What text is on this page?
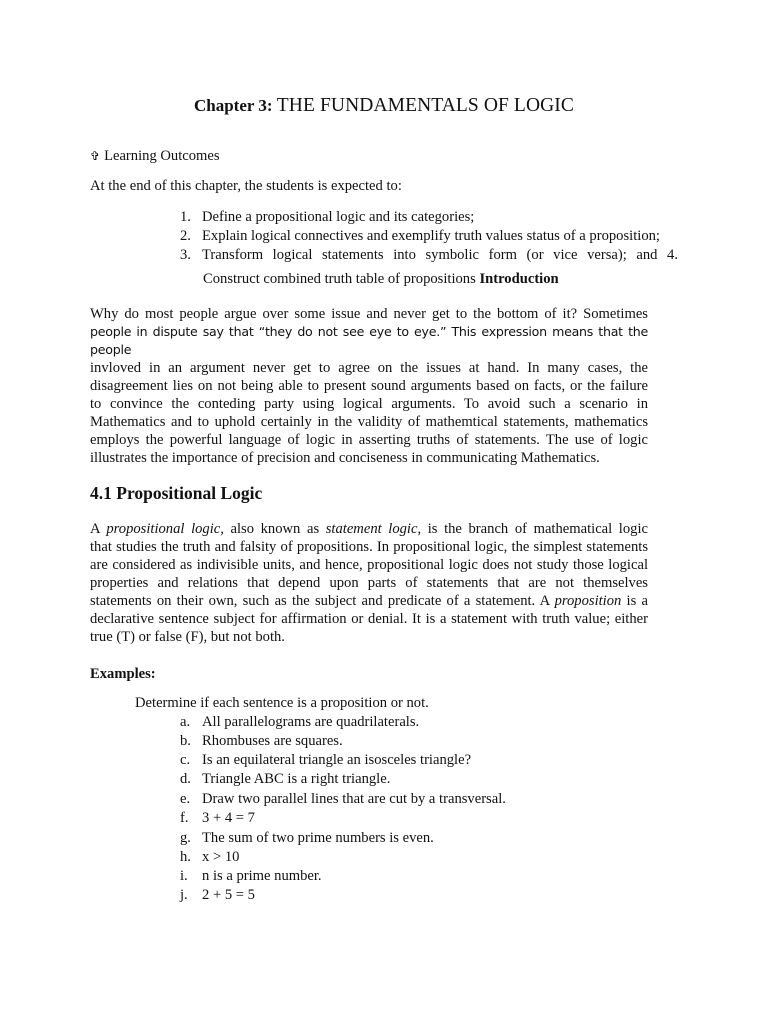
Chapter 3: THE FUNDAMENTALS OF LOGIC
✞ Learning Outcomes
At the end of this chapter, the students is expected to:
1. Define a propositional logic and its categories;
2. Explain logical connectives and exemplify truth values status of a proposition;
3. Transform logical statements into symbolic form (or vice versa); and 4.
Construct combined truth table of propositions Introduction

Why do most people argue over some issue and never get to the bottom of it? Sometimes

people in dispute say that “they do not see eye to eye.” This expression means that the people

invloved in an argument never get to agree on the issues at hand. In many cases, the

disagreement lies on not being able to present sound arguments based on facts, or the failure

to convince the conteding party using logical arguments. To avoid such a scenario in

Mathematics and to uphold certainly in the validity of mathemtical statements, mathematics

employs the powerful language of logic in asserting truths of statements. The use of logic

illustrates the importance of precision and conciseness in communicating Mathematics.

4.1 Propositional Logic

A propositional logic, also known as statement logic, is the branch of mathematical logic

that studies the truth and falsity of propositions. In propositional logic, the simplest statements

are considered as indivisible units, and hence, propositional logic does not study those logical

properties and relations that depend upon parts of statements that are not themselves

statements on their own, such as the subject and predicate of a statement. A proposition is a

declarative sentence subject for affirmation or denial. It is a statement with truth value; either

true (T) or false (F), but not both.

Examples:
Determine if each sentence is a proposition or not.
a. All parallelograms are quadrilaterals.
b. Rhombuses are squares.
c. Is an equilateral triangle an isosceles triangle?
d. Triangle ABC is a right triangle.
e. Draw two parallel lines that are cut by a transversal.
f. 3 + 4 = 7
g. The sum of two prime numbers is even.
h. x > 10
i. n is a prime number.
j. 2 + 5 = 5
